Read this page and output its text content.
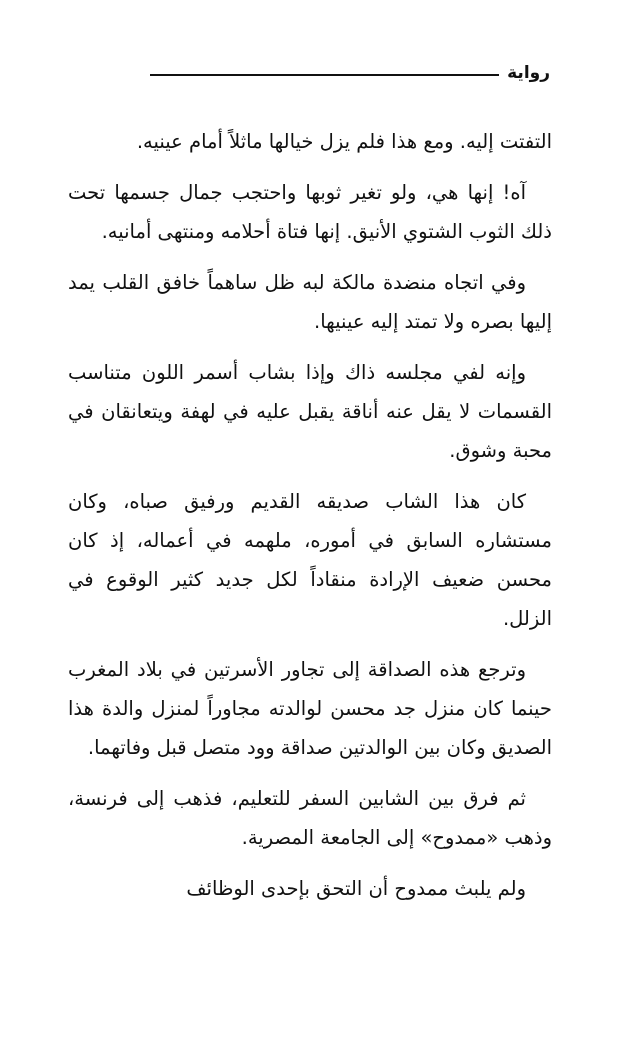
رواية

التفتت إليه. ومع هذا فلم يزل خيالها ماثلاً أمام عينيه.

آه! إنها هي، ولو تغير ثوبها واحتجب جمال جسمها تحت ذلك الثوب الشتوي الأنيق. إنها فتاة أحلامه ومنتهى أمانيه.

وفي اتجاه منضدة مالكة لبه ظل ساهماً خافق القلب يمد إليها بصره ولا تمتد إليه عينيها.

وإنه لفي مجلسه ذاك وإذا بشاب أسمر اللون متناسب القسمات لا يقل عنه أناقة يقبل عليه في لهفة ويتعانقان في محبة وشوق.

كان هذا الشاب صديقه القديم ورفيق صباه، وكان مستشاره السابق في أموره، ملهمه في أعماله، إذ كان محسن ضعيف الإرادة منقاداً لكل جديد كثير الوقوع في الزلل.

وترجع هذه الصداقة إلى تجاور الأسرتين في بلاد المغرب حينما كان منزل جد محسن لوالدته مجاوراً لمنزل والدة هذا الصديق وكان بين الوالدتين صداقة وود متصل قبل وفاتهما.

ثم فرق بين الشابين السفر للتعليم، فذهب إلى فرنسة، وذهب «ممدوح» إلى الجامعة المصرية.

ولم يلبث ممدوح أن التحق بإحدى الوظائف
